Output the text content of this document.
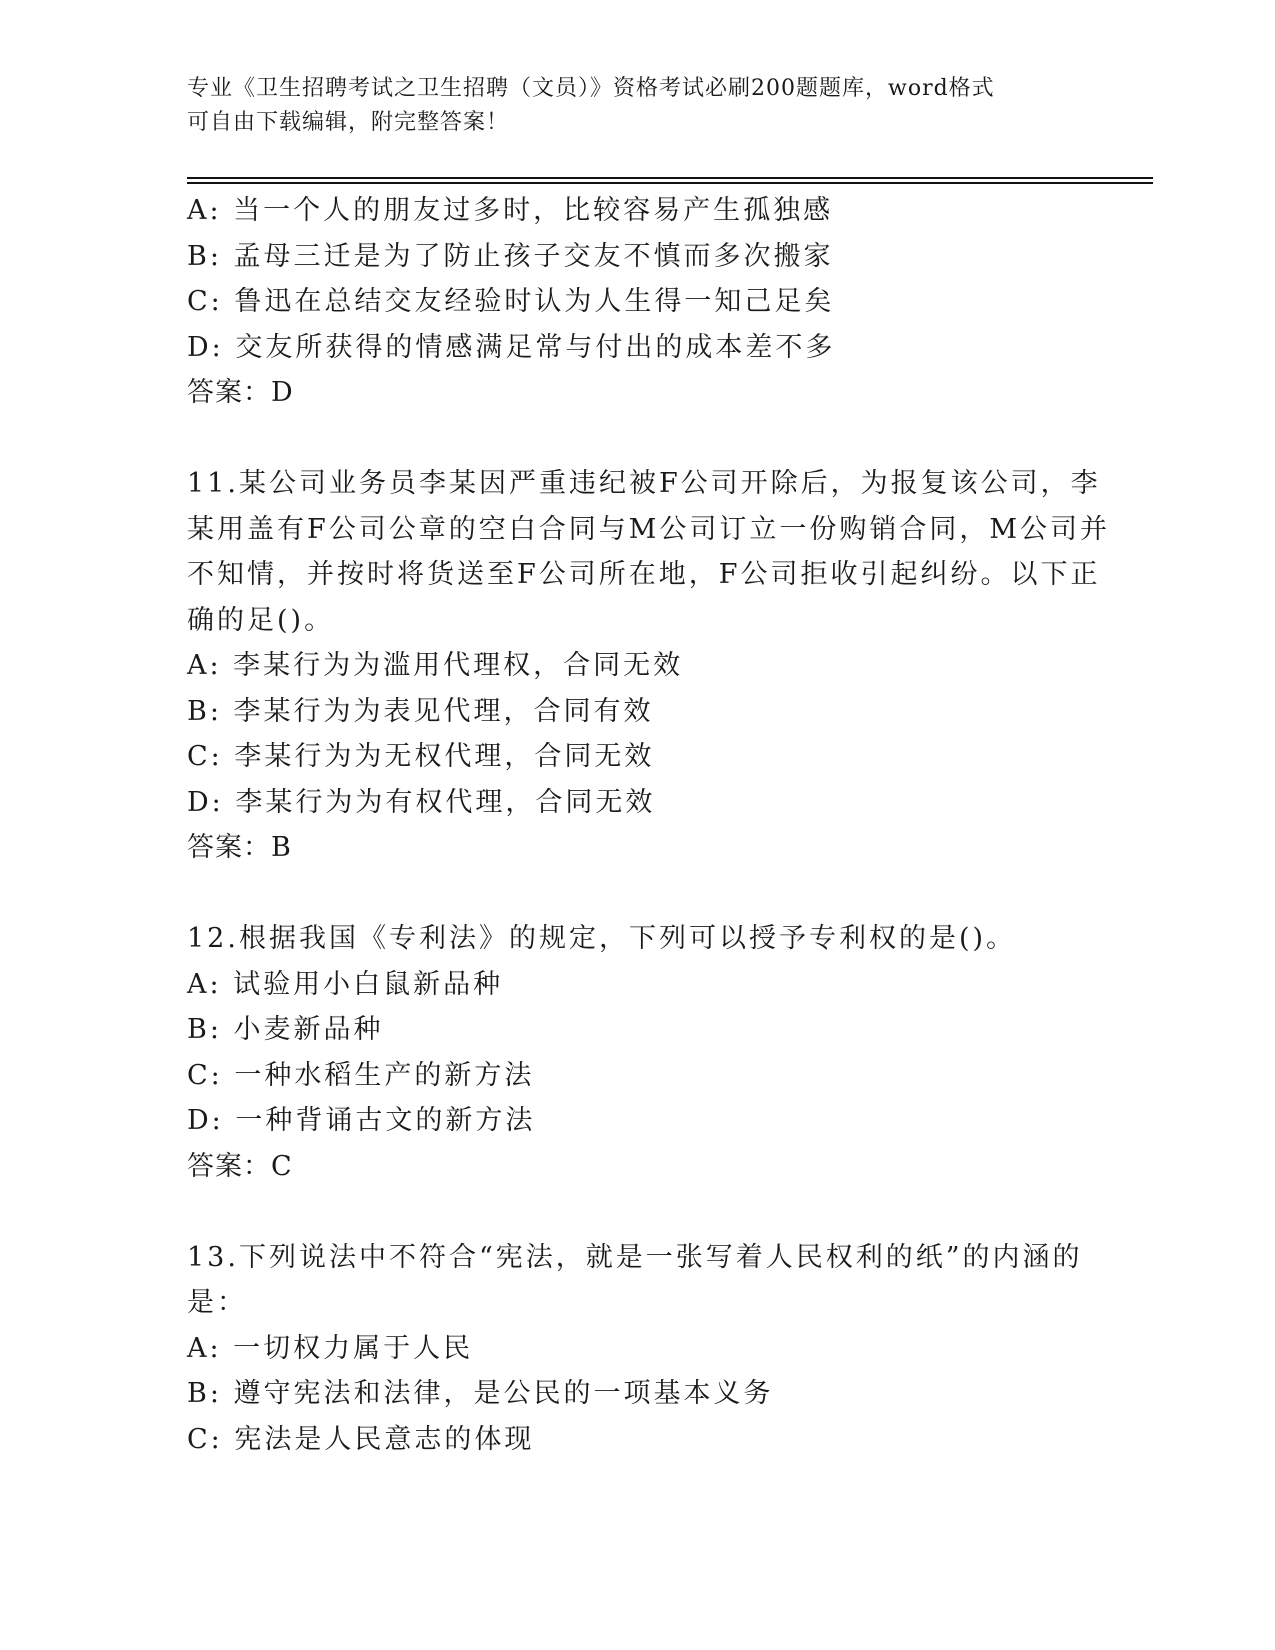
专业《卫生招聘考试之卫生招聘（文员）》资格考试必刷200题题库，word格式
可自由下载编辑，附完整答案！
A: 当一个人的朋友过多时，比较容易产生孤独感
B: 孟母三迁是为了防止孩子交友不慎而多次搬家
C: 鲁迅在总结交友经验时认为人生得一知己足矣
D: 交友所获得的情感满足常与付出的成本差不多
答案：D
11.某公司业务员李某因严重违纪被F公司开除后，为报复该公司，李
某用盖有F公司公章的空白合同与M公司订立一份购销合同，M公司并
不知情，并按时将货送至F公司所在地，F公司拒收引起纠纷。以下正
确的足()。
A: 李某行为为滥用代理权，合同无效
B: 李某行为为表见代理，合同有效
C: 李某行为为无权代理，合同无效
D: 李某行为为有权代理，合同无效
答案：B
12.根据我国《专利法》的规定，下列可以授予专利权的是()。
A: 试验用小白鼠新品种
B: 小麦新品种
C: 一种水稻生产的新方法
D: 一种背诵古文的新方法
答案：C
13.下列说法中不符合“宪法，就是一张写着人民权利的纸”的内涵的
是：
A: 一切权力属于人民
B: 遵守宪法和法律，是公民的一项基本义务
C: 宪法是人民意志的体现
